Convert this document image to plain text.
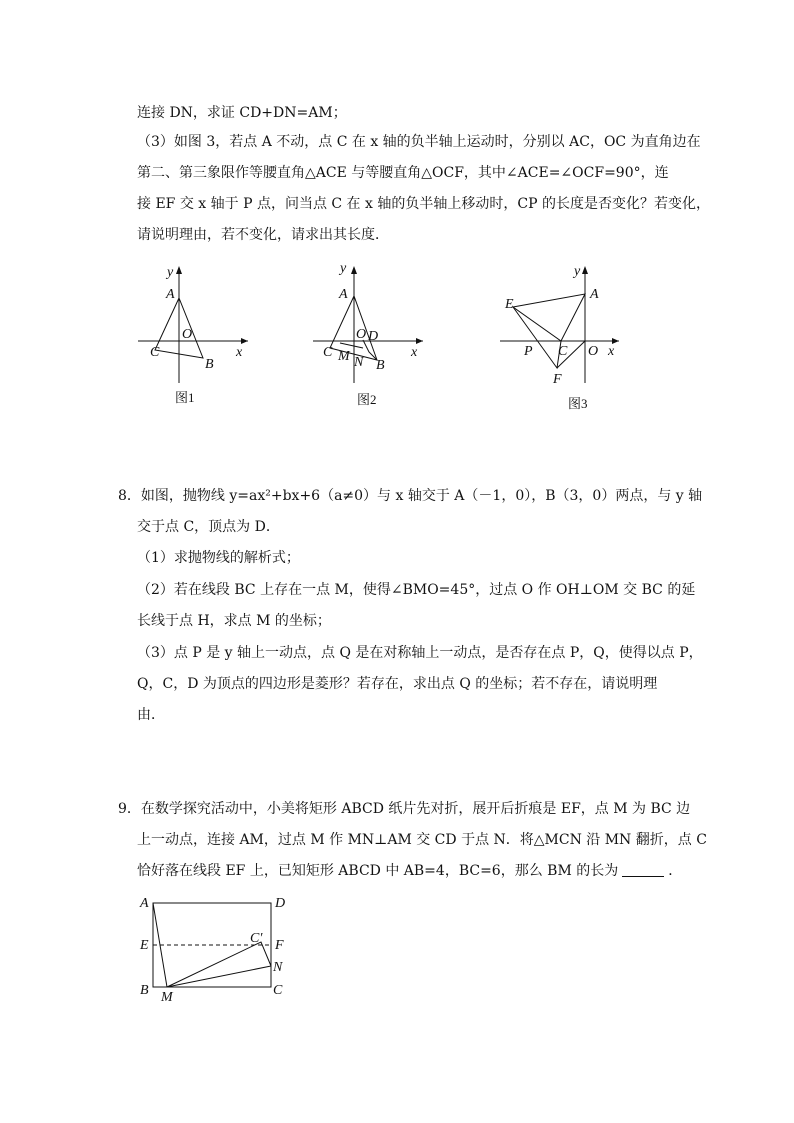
连接 DN，求证 CD+DN=AM；
（3）如图 3，若点 A 不动，点 C 在 x 轴的负半轴上运动时，分别以 AC，OC 为直角边在
第二、第三象限作等腰直角△ACE 与等腰直角△OCF，其中∠ACE=∠OCF=90°，连
接 EF 交 x 轴于 P 点，问当点 C 在 x 轴的负半轴上移动时，CP 的长度是否变化？若变化，
请说明理由，若不变化，请求出其长度．
x
y
A
O
C
B
图1
x
y
A
O D
C M N B
图2
x
y
A
E
P C O
F
图3
8．如图，抛物线 y=ax²+bx+6（a≠0）与 x 轴交于 A（－1，0），B（3，0）两点，与 y 轴
交于点 C，顶点为 D．
（1）求抛物线的解析式；
（2）若在线段 BC 上存在一点 M，使得∠BMO=45°，过点 O 作 OH⊥OM 交 BC 的延
长线于点 H，求点 M 的坐标；
（3）点 P 是 y 轴上一动点，点 Q 是在对称轴上一动点，是否存在点 P，Q，使得以点 P，
Q，C，D 为顶点的四边形是菱形？若存在，求出点 Q 的坐标；若不存在，请说明理
由．
9．在数学探究活动中，小美将矩形 ABCD 纸片先对折，展开后折痕是 EF，点 M 为 BC 边
上一动点，连接 AM，过点 M 作 MN⊥AM 交 CD 于点 N．将△MCN 沿 MN 翻折，点 C
恰好落在线段 EF 上，已知矩形 ABCD 中 AB=4，BC=6，那么 BM 的长为	．
A	D
E	F
C′
N
B M	C
